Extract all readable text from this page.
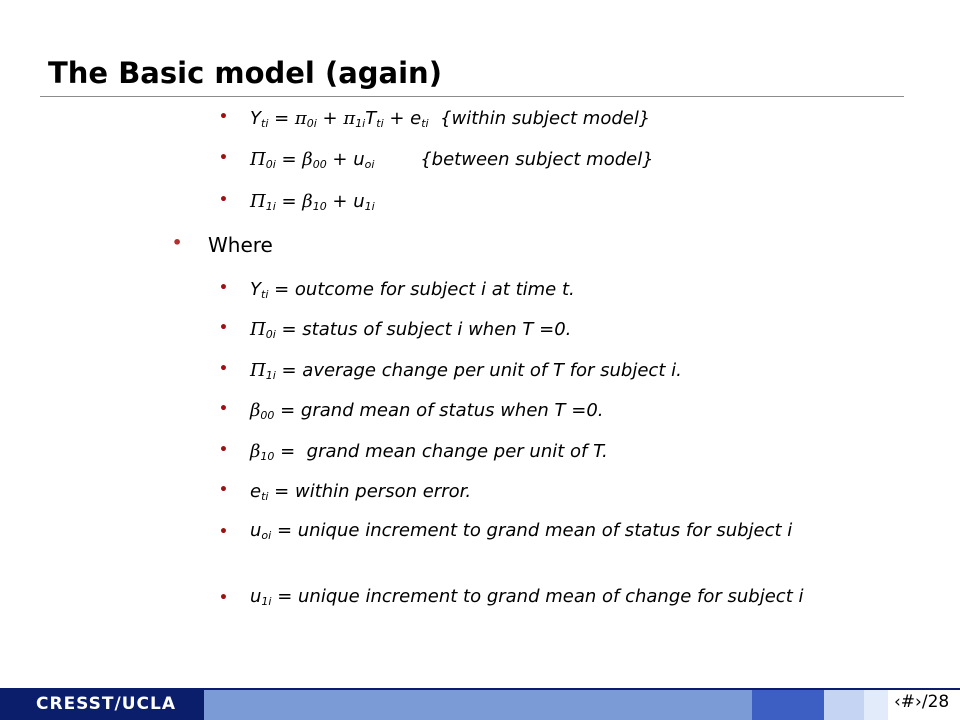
The Basic model (again)
• $Y_{ti} = \pi_{0i} + \pi_{1i}T_{ti} + e_{ti}$  {within subject model}
• $\Pi_{0i} = \beta_{00} + u_{oi}$        {between subject model}
• $\Pi_{1i} = \beta_{10} + u_{1i}$
• Where
• $Y_{ti}$ = outcome for subject i at time t.
• $\Pi_{0i}$ = status of subject i when T =0.
• $\Pi_{1i}$ = average change per unit of T for subject i.
• $\beta_{00}$ = grand mean of status when T =0.
• $\beta_{10}$ =  grand mean change per unit of T.
• $e_{ti}$ = within person error.
• $u_{oi}$ = unique increment to grand mean of status for subject i
• $u_{1i}$ = unique increment to grand mean of change for subject i
CRESST/UCLA	‹#›/28
